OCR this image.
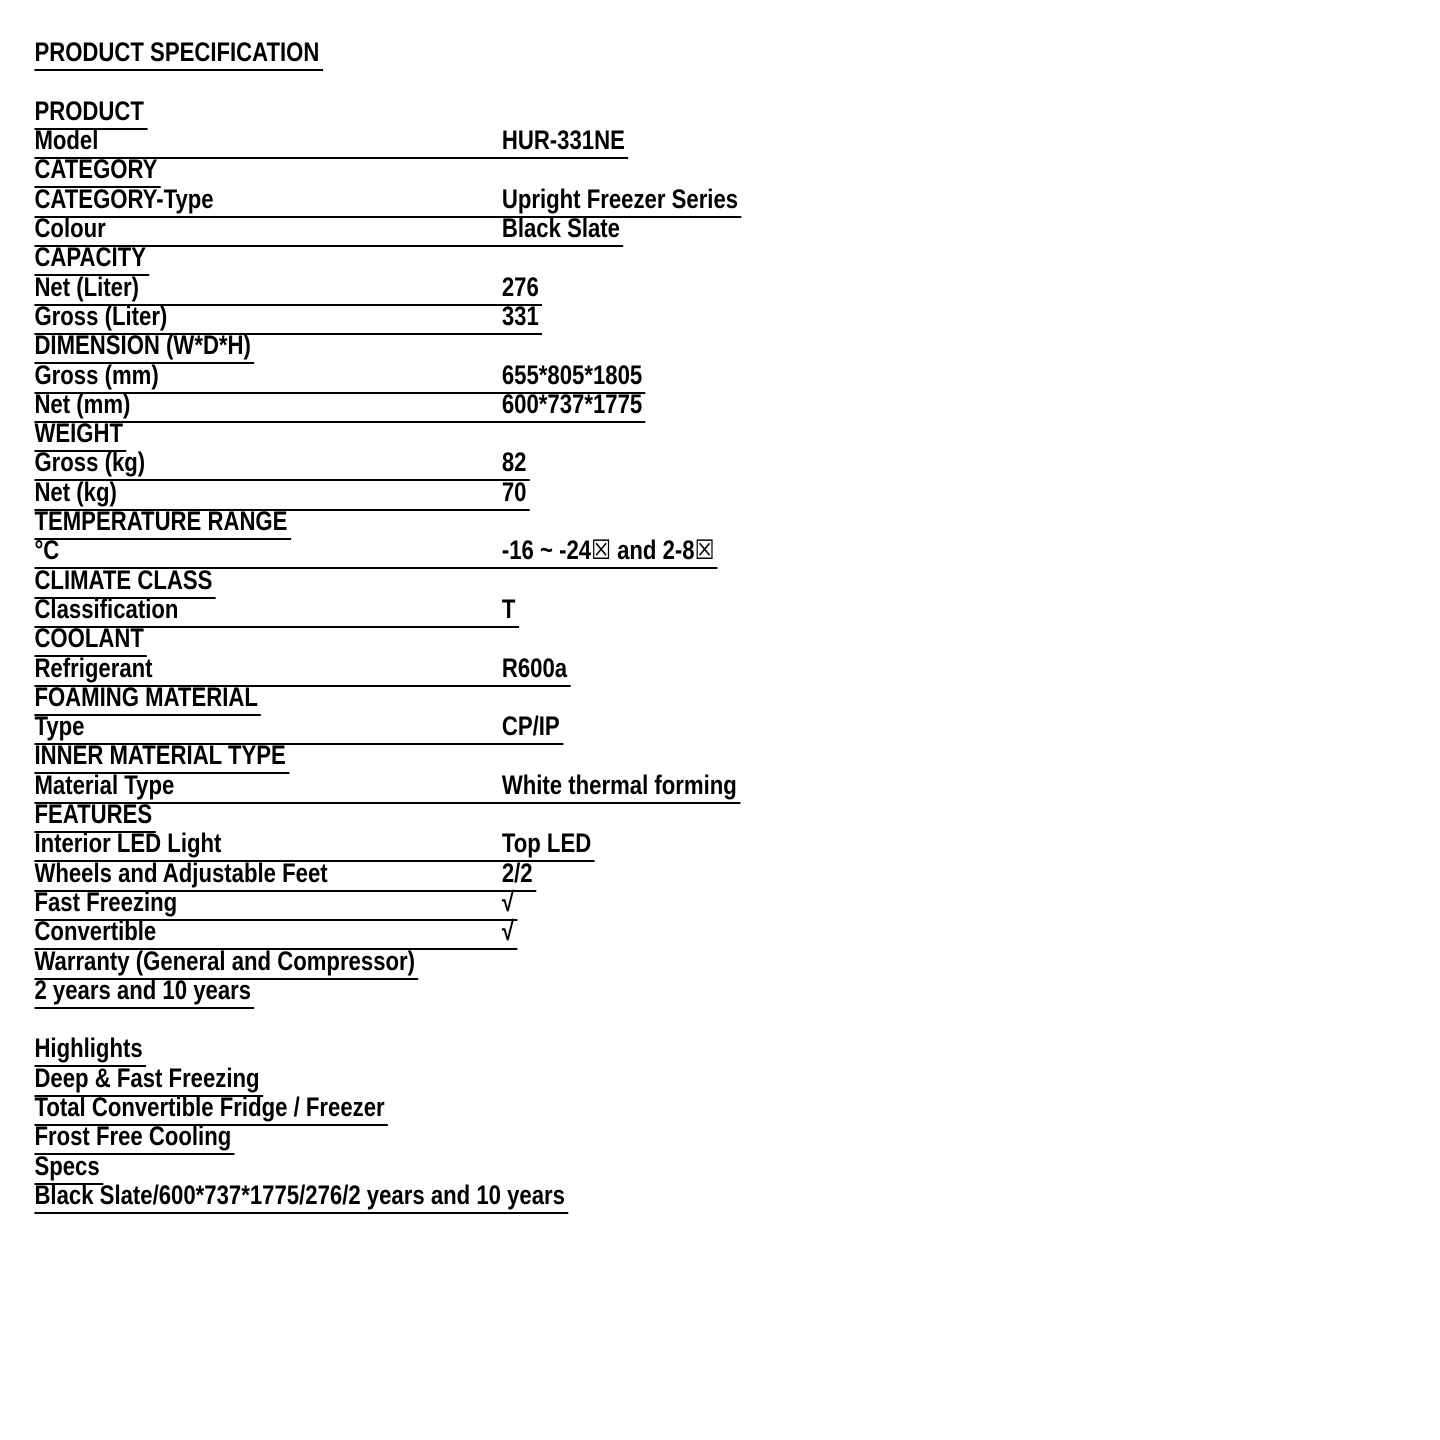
PRODUCT SPECIFICATION
PRODUCT
Model	HUR-331NE
CATEGORY
CATEGORY-Type	Upright Freezer Series
Colour	Black Slate
CAPACITY
Net (Liter)	276
Gross (Liter)	331
DIMENSION (W*D*H)
Gross (mm)	655*805*1805
Net (mm)	600*737*1775
WEIGHT
Gross (kg)	82
Net (kg)	70
TEMPERATURE RANGE
°C	-16 ~ -24☒ and 2-8☒
CLIMATE CLASS
Classification	T
COOLANT
Refrigerant	R600a
FOAMING MATERIAL
Type	CP/IP
INNER MATERIAL TYPE
Material Type	White thermal forming
FEATURES
Interior LED Light	Top LED
Wheels and Adjustable Feet	2/2
Fast Freezing	√
Convertible	√
Warranty (General and Compressor)
2 years and 10 years
Highlights
Deep & Fast Freezing
Total Convertible Fridge / Freezer
Frost Free Cooling
Specs
Black Slate/600*737*1775/276/2 years and 10 years
